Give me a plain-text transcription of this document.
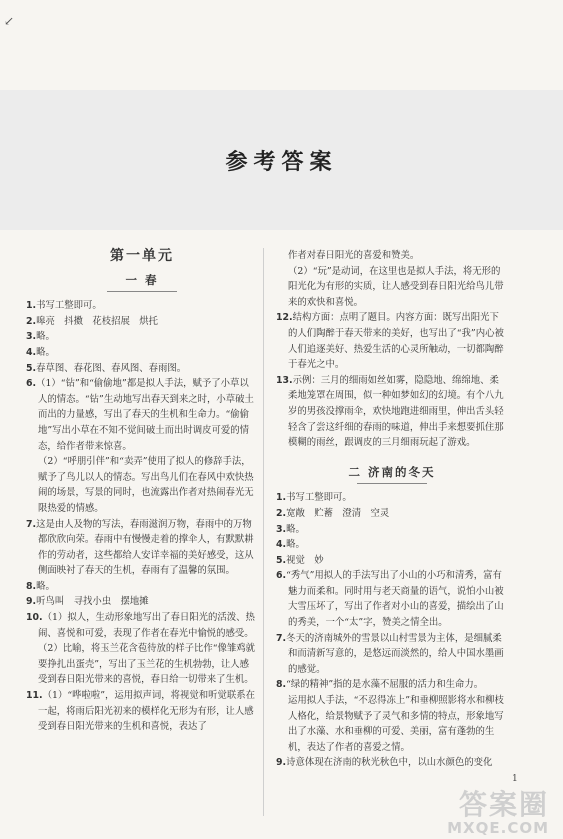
↙
参考答案
第一单元
一 春

1.书写工整即可。

2.嗥亮　抖擞　花枝招展　烘托

3.略。

4.略。

5.春草图、春花图、春风图、春雨图。

6.（1）“钻”和“偷偷地”都是拟人手法，赋予了小草以人的情态。“钻”生动地写出春天到来之时，小草破土而出的力量感，写出了春天的生机和生命力。“偷偷地”写出小草在不知不觉间破土而出时调皮可爱的情态，给作者带来惊喜。

（2）“呼朋引伴”和“卖弄”使用了拟人的修辞手法，赋予了鸟儿以人的情态。写出鸟儿们在春风中欢快热闹的场景，写景的同时，也流露出作者对热闹春光无限热爱的情感。

7.这是由人及物的写法，春雨滋润万物，春雨中的万物都欣欣向荣。春雨中有慢慢走着的撑伞人，有默默耕作的劳动者，这些都给人安详幸福的美好感受，这从侧面映衬了春天的生机，春雨有了温馨的氛围。

8.略。

9.听鸟叫　寻找小虫　摆地摊

10.（1）拟人，生动形象地写出了春日阳光的活泼、热闹、喜悦和可爱，表现了作者在春光中愉悦的感受。

（2）比喻，将玉兰花含苞待放的样子比作“像雏鸡就要挣扎出蛋壳”，写出了玉兰花的生机勃勃，让人感受到春日阳光带来的喜悦，春日给一切带来了生机。

11.（1）“哗啦啦”，运用拟声词，将视觉和听觉联系在一起，将雨后阳光初来的模样化无形为有形，让人感受到春日阳光带来的生机和喜悦，表达了

作者对春日阳光的喜爱和赞美。

（2）“玩”是动词，在这里也是拟人手法，将无形的阳光化为有形的实质，让人感受到春日阳光给鸟儿带来的欢快和喜悦。

12.结构方面：点明了题目。内容方面：既写出阳光下的人们陶醉于春天带来的美好，也写出了“我”内心被人们追逐美好、热爱生活的心灵所触动，一切都陶醉于春光之中。

13.示例：三月的细雨如丝如雾，隐隐地、绵绵地、柔柔地笼罩在周围，似一种如梦如幻的幻境。有个八九岁的男孩没撑雨伞，欢快地跑进细雨里，伸出舌头轻轻含了尝这纤细的春雨的味道，伸出手来想要抓住那模糊的雨丝，跟调皮的三月细雨玩起了游戏。

二 济南的冬天

1.书写工整即可。

2.宽敞　贮蓄　澄清　空灵

3.略。

4.略。

5.视觉　妙

6.“秀气”用拟人的手法写出了小山的小巧和清秀，富有魅力而柔和。同时用与老天商量的语气，说怕小山被大雪压坏了，写出了作者对小山的喜爱，描绘出了山的秀美，一个“太”字，赞美之情全出。

7.冬天的济南城外的雪景以山村雪景为主体，是细腻柔和而清新写意的，是悠远而淡然的，给人中国水墨画的感觉。

8.“绿的精神”指的是水藻不屈服的活力和生命力。

运用拟人手法，“不忍得冻上”和垂柳照影将水和柳枝人格化，给景物赋予了灵气和多情的特点，形象地写出了水藻、水和垂柳的可爱、美丽，富有蓬勃的生机，表达了作者的喜爱之情。

9.诗意体现在济南的秋光秋色中，以山水颜色的变化

1
答案圈
MXQE.COM
